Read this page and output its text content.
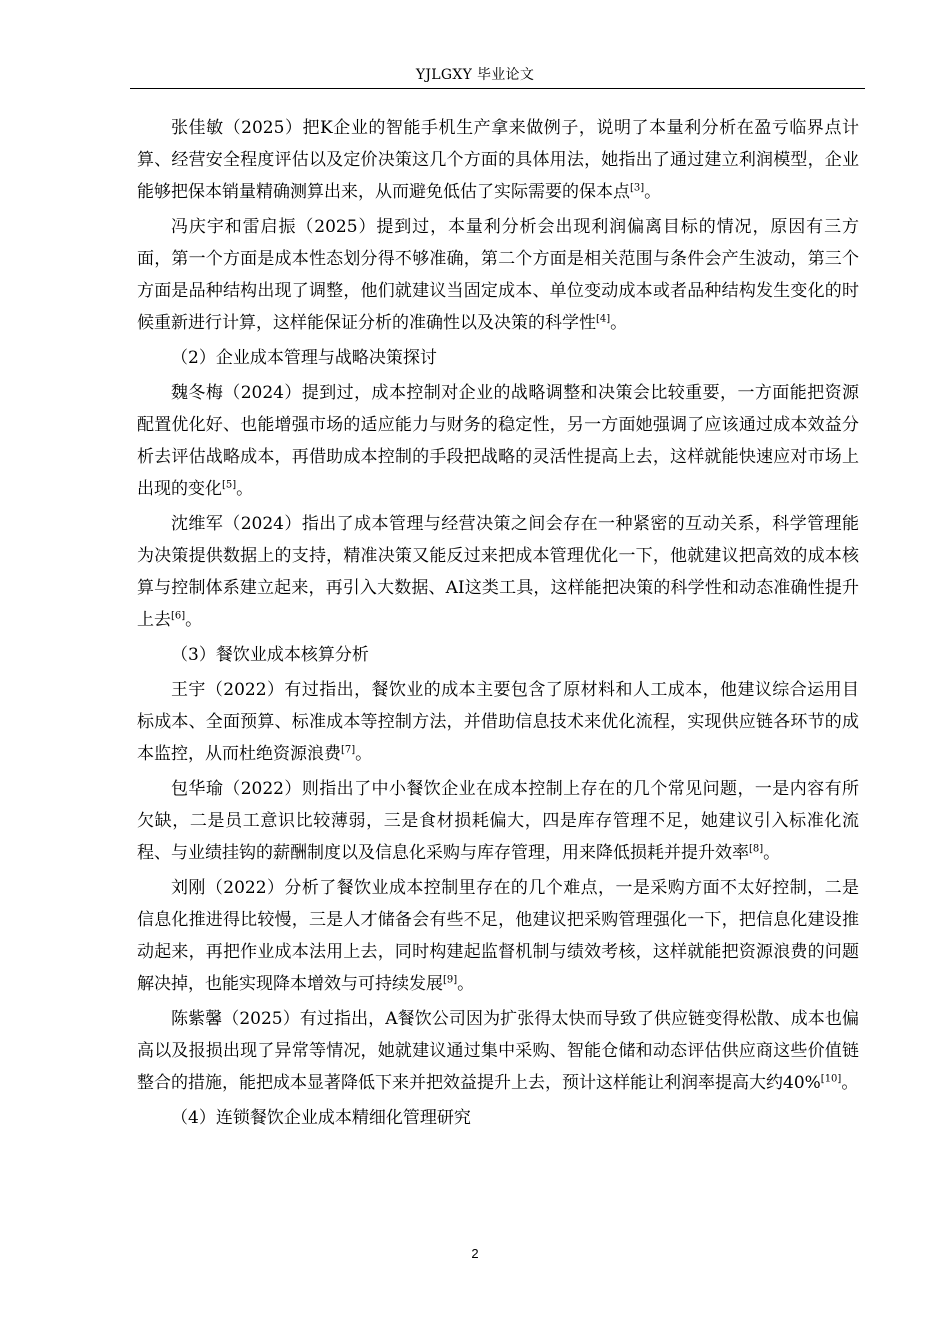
YJLGXY 毕业论文

张佳敏（2025）把K企业的智能手机生产拿来做例子，说明了本量利分析在盈亏临界点计算、经营安全程度评估以及定价决策这几个方面的具体用法，她指出了通过建立利润模型，企业能够把保本销量精确测算出来，从而避免低估了实际需要的保本点[3]。

冯庆宇和雷启振（2025）提到过，本量利分析会出现利润偏离目标的情况，原因有三方面，第一个方面是成本性态划分得不够准确，第二个方面是相关范围与条件会产生波动，第三个方面是品种结构出现了调整，他们就建议当固定成本、单位变动成本或者品种结构发生变化的时候重新进行计算，这样能保证分析的准确性以及决策的科学性[4]。

（2）企业成本管理与战略决策探讨

魏冬梅（2024）提到过，成本控制对企业的战略调整和决策会比较重要，一方面能把资源配置优化好、也能增强市场的适应能力与财务的稳定性，另一方面她强调了应该通过成本效益分析去评估战略成本，再借助成本控制的手段把战略的灵活性提高上去，这样就能快速应对市场上出现的变化[5]。

沈维军（2024）指出了成本管理与经营决策之间会存在一种紧密的互动关系，科学管理能为决策提供数据上的支持，精准决策又能反过来把成本管理优化一下，他就建议把高效的成本核算与控制体系建立起来，再引入大数据、AI这类工具，这样能把决策的科学性和动态准确性提升上去[6]。

（3）餐饮业成本核算分析

王宇（2022）有过指出，餐饮业的成本主要包含了原材料和人工成本，他建议综合运用目标成本、全面预算、标准成本等控制方法，并借助信息技术来优化流程，实现供应链各环节的成本监控，从而杜绝资源浪费[7]。

包华瑜（2022）则指出了中小餐饮企业在成本控制上存在的几个常见问题，一是内容有所欠缺，二是员工意识比较薄弱，三是食材损耗偏大，四是库存管理不足，她建议引入标准化流程、与业绩挂钩的薪酬制度以及信息化采购与库存管理，用来降低损耗并提升效率[8]。

刘刚（2022）分析了餐饮业成本控制里存在的几个难点，一是采购方面不太好控制，二是信息化推进得比较慢，三是人才储备会有些不足，他建议把采购管理强化一下，把信息化建设推动起来，再把作业成本法用上去，同时构建起监督机制与绩效考核，这样就能把资源浪费的问题解决掉，也能实现降本增效与可持续发展[9]。

陈紫馨（2025）有过指出，A餐饮公司因为扩张得太快而导致了供应链变得松散、成本也偏高以及报损出现了异常等情况，她就建议通过集中采购、智能仓储和动态评估供应商这些价值链整合的措施，能把成本显著降低下来并把效益提升上去，预计这样能让利润率提高大约40%[10]。

（4）连锁餐饮企业成本精细化管理研究

2
